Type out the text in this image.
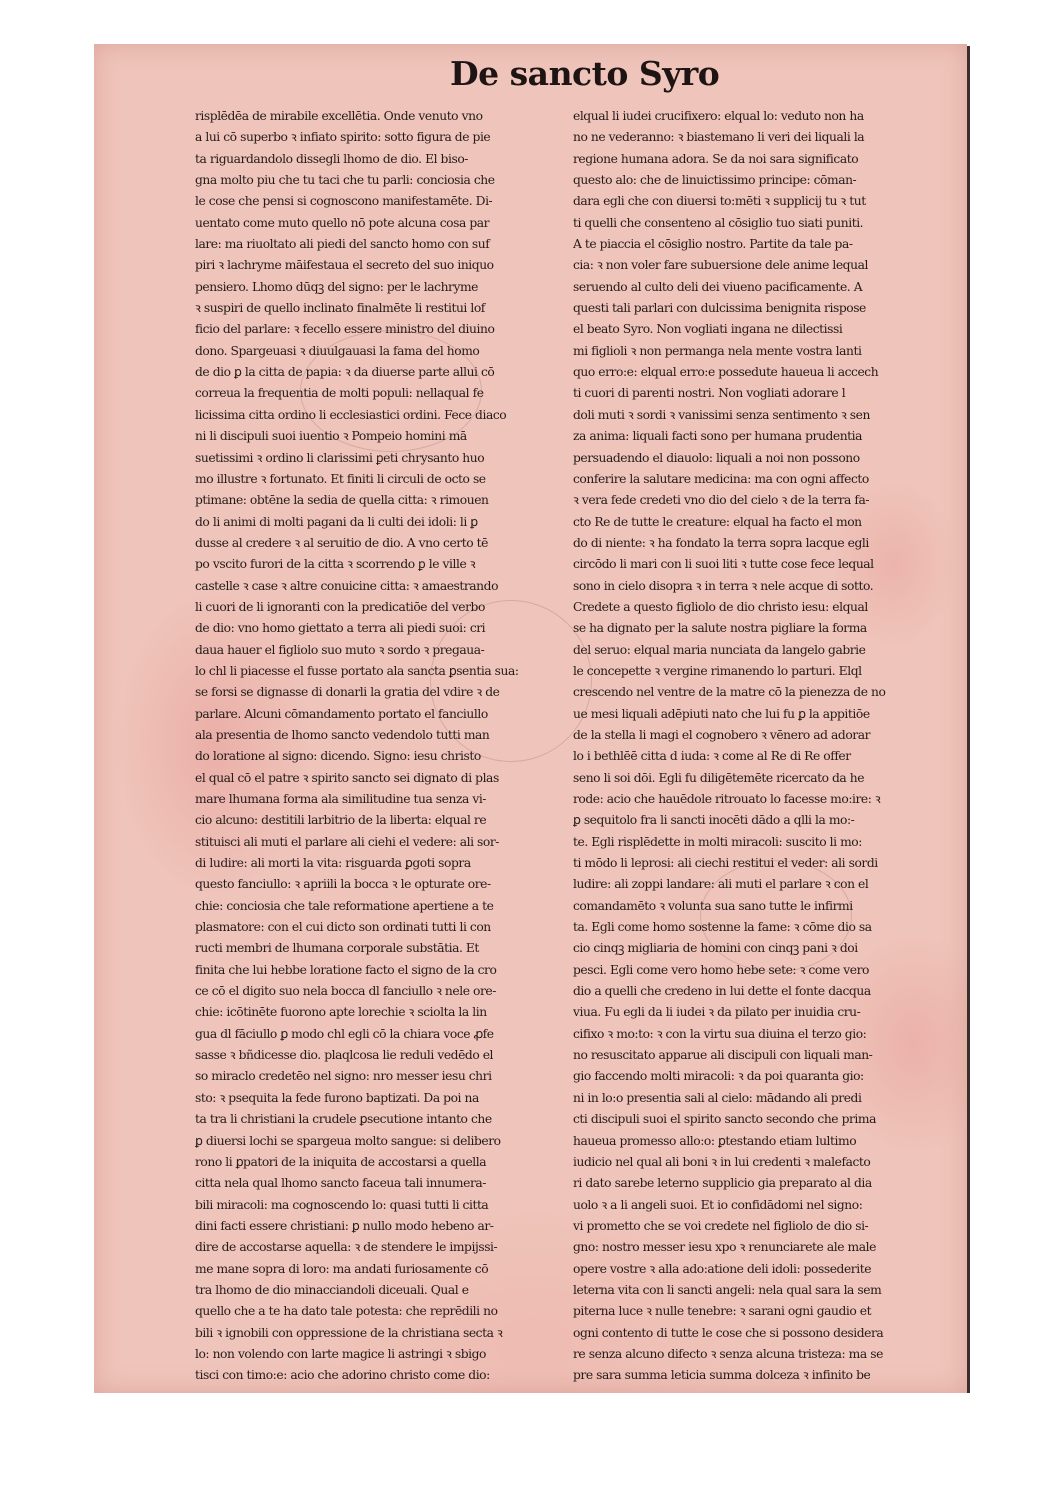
De sancto Syro
risplēdēa de mirabile excellētia. Onde venuto vno
a lui cō superbo ꝛ infiato spirito: sotto figura de pie
ta riguardandolo dissegli lhomo de dio. El biso-
gna molto piu che tu taci che tu parli: conciosia che
le cose che pensi si cognoscono manifestamēte. Di-
uentato come muto quello nō pote alcuna cosa par
lare: ma riuoltato ali piedi del sancto homo con suf
piri ꝛ lachryme māifestaua el secreto del suo iniquo
pensiero. Lhomo dūqꝫ del signo: per le lachryme
ꝛ suspiri de quello inclinato finalmēte li restitui lof
ficio del parlare: ꝛ fecello essere ministro del diuino
dono. Spargeuasi ꝛ diuulgauasi la fama del homo
de dio ꝑ la citta de papia: ꝛ da diuerse parte allui cō
correua la frequentia de molti populi: nellaqual fe
licissima citta ordino li ecclesiastici ordini. Fece diaco
ni li discipuli suoi iuentio ꝛ Pompeio homini mā
suetissimi ꝛ ordino li clarissimi ꝑeti chrysanto huo
mo illustre ꝛ fortunato. Et finiti li circuli de octo se
ptimane: obtēne la sedia de quella citta: ꝛ rimouen
do li animi di molti pagani da li culti dei idoli: li ꝑ
dusse al credere ꝛ al seruitio de dio. A vno certo tē
po vscito furori de la citta ꝛ scorrendo ꝑ le ville ꝛ
castelle ꝛ case ꝛ altre conuicine citta: ꝛ amaestrando
li cuori de li ignoranti con la predicatiōe del verbo
de dio: vno homo giettato a terra ali piedi suoi: cri
daua hauer el figliolo suo muto ꝛ sordo ꝛ pregaua-
lo chl li piacesse el fusse portato ala sancta ꝑsentia sua:
se forsi se dignasse di donarli la gratia del vdire ꝛ de
parlare. Alcuni cōmandamento portato el fanciullo
ala presentia de lhomo sancto vedendolo tutti man
do loratione al signo: dicendo. Signo: iesu christo
el qual cō el patre ꝛ spirito sancto sei dignato di plas
mare lhumana forma ala similitudine tua senza vi-
cio alcuno: destitili larbitrio de la liberta: elqual re
stituisci ali muti el parlare ali ciehi el vedere: ali sor-
di ludire: ali morti la vita: risguarda ꝑgoti sopra
questo fanciullo: ꝛ apriili la bocca ꝛ le opturate ore-
chie: conciosia che tale reformatione apertiene a te
plasmatore: con el cui dicto son ordinati tutti li con
ructi membri de lhumana corporale substātia. Et
finita che lui hebbe loratione facto el signo de la cro
ce cō el digito suo nela bocca dl fanciullo ꝛ nele ore-
chie: icōtinēte fuorono apte lorechie ꝛ sciolta la lin
gua dl fāciullo ꝑ modo chl egli cō la chiara voce ꝓfe
sasse ꝛ bñdicesse dio. plaqlcosa lie reduli vedēdo el
so miraclo credetēo nel signo: nro messer iesu chri
sto: ꝛ psequita la fede furono baptizati. Da poi na
ta tra li christiani la crudele ꝑsecutione intanto che
ꝑ diuersi lochi se spargeua molto sangue: si delibero
rono li ꝑpatori de la iniquita de accostarsi a quella
citta nela qual lhomo sancto faceua tali innumera-
bili miracoli: ma cognoscendo lo: quasi tutti li citta
dini facti essere christiani: ꝑ nullo modo hebeno ar-
dire de accostarse aquella: ꝛ de stendere le impijssi-
me mane sopra di loro: ma andati furiosamente cō
tra lhomo de dio minacciandoli diceuali. Qual e
quello che a te ha dato tale potesta: che reprēdili no
bili ꝛ ignobili con oppressione de la christiana secta ꝛ
lo: non volendo con larte magice li astringi ꝛ sbigo
tisci con timo:e: acio che adorino christo come dio:
elqual li iudei crucifixero: elqual lo: veduto non ha
no ne vederanno: ꝛ biastemano li veri dei liquali la
regione humana adora. Se da noi sara significato
questo alo: che de linuictissimo principe: cōman-
dara egli che con diuersi to:mēti ꝛ supplicij tu ꝛ tut
ti quelli che consenteno al cōsiglio tuo siati puniti.
A te piaccia el cōsiglio nostro. Partite da tale pa-
cia: ꝛ non voler fare subuersione dele anime lequal
seruendo al culto deli dei viueno pacificamente. A
questi tali parlari con dulcissima benignita rispose
el beato Syro. Non vogliati ingana ne dilectissi
mi figlioli ꝛ non permanga nela mente vostra lanti
quo erro:e: elqual erro:e possedute haueua li accech
ti cuori di parenti nostri. Non vogliati adorare l
doli muti ꝛ sordi ꝛ vanissimi senza sentimento ꝛ sen
za anima: liquali facti sono per humana prudentia
persuadendo el diauolo: liquali a noi non possono
conferire la salutare medicina: ma con ogni affecto
ꝛ vera fede credeti vno dio del cielo ꝛ de la terra fa-
cto Re de tutte le creature: elqual ha facto el mon
do di niente: ꝛ ha fondato la terra sopra lacque egli
circōdo li mari con li suoi liti ꝛ tutte cose fece lequal
sono in cielo disopra ꝛ in terra ꝛ nele acque di sotto.
Credete a questo figliolo de dio christo iesu: elqual
se ha dignato per la salute nostra pigliare la forma
del seruo: elqual maria nunciata da langelo gabrie
le concepette ꝛ vergine rimanendo lo parturi. Elql
crescendo nel ventre de la matre cō la pienezza de no
ue mesi liquali adēpiuti nato che lui fu ꝑ la appitiōe
de la stella li magi el cognobero ꝛ vēnero ad adorar
lo i bethlēē citta d iuda: ꝛ come al Re di Re offer
seno li soi dōi. Egli fu diligētemēte ricercato da he
rode: acio che hauēdole ritrouato lo facesse mo:ire: ꝛ
ꝑ sequitolo fra li sancti inocēti dādo a qlli la mo:-
te. Egli risplēdette in molti miracoli: suscito li mo:
ti mōdo li leprosi: ali ciechi restitui el veder: ali sordi
ludire: ali zoppi landare: ali muti el parlare ꝛ con el
comandamēto ꝛ volunta sua sano tutte le infirmi
ta. Egli come homo sostenne la fame: ꝛ cōme dio sa
cio cinqꝫ migliaria de homini con cinqꝫ pani ꝛ doi
pesci. Egli come vero homo hebe sete: ꝛ come vero
dio a quelli che credeno in lui dette el fonte dacqua
viua. Fu egli da li iudei ꝛ da pilato per inuidia cru-
cifixo ꝛ mo:to: ꝛ con la virtu sua diuina el terzo gio:
no resuscitato apparue ali discipuli con liquali man-
gio faccendo molti miracoli: ꝛ da poi quaranta gio:
ni in lo:o presentia sali al cielo: mādando ali predi
cti discipuli suoi el spirito sancto secondo che prima
haueua promesso allo:o: ꝑtestando etiam lultimo
iudicio nel qual ali boni ꝛ in lui credenti ꝛ malefacto
ri dato sarebe leterno supplicio gia preparato al dia
uolo ꝛ a li angeli suoi. Et io confidādomi nel signo:
vi prometto che se voi credete nel figliolo de dio si-
gno: nostro messer iesu xpo ꝛ renunciarete ale male
opere vostre ꝛ alla ado:atione deli idoli: possederite
leterna vita con li sancti angeli: nela qual sara la sem
piterna luce ꝛ nulle tenebre: ꝛ sarani ogni gaudio et
ogni contento di tutte le cose che si possono desidera
re senza alcuno difecto ꝛ senza alcuna tristeza: ma se
pre sara summa leticia summa dolceza ꝛ infinito be
